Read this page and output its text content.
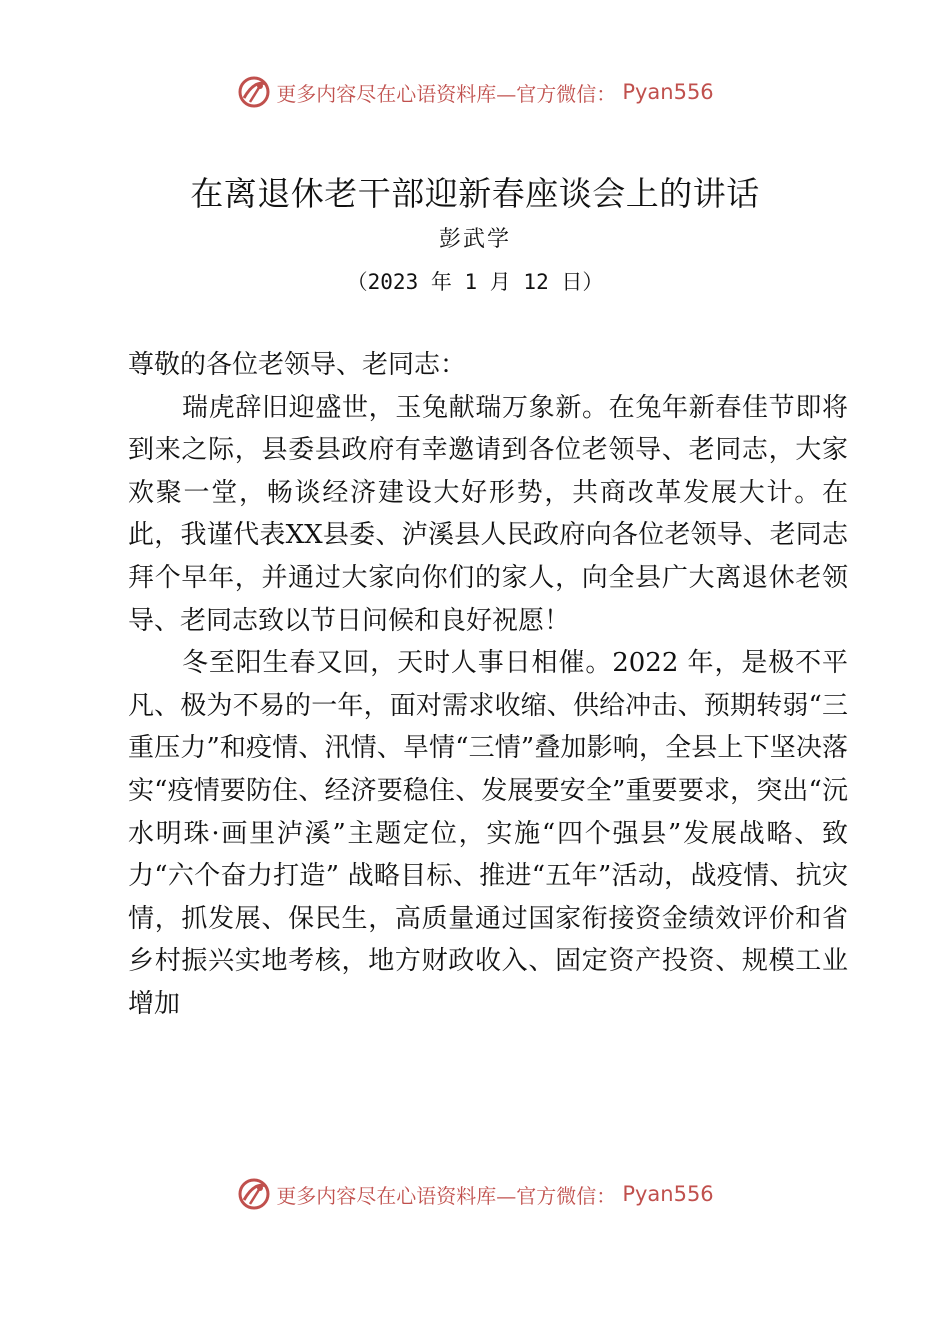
更多内容尽在心语资料库—官方微信： Pyan556
在离退休老干部迎新春座谈会上的讲话
彭武学
（2023 年 1 月 12 日）

尊敬的各位老领导、老同志：

瑞虎辞旧迎盛世，玉兔献瑞万象新。在兔年新春佳节即将到来之际，县委县政府有幸邀请到各位老领导、老同志，大家欢聚一堂，畅谈经济建设大好形势，共商改革发展大计。在此，我谨代表XX县委、泸溪县人民政府向各位老领导、老同志拜个早年，并通过大家向你们的家人，向全县广大离退休老领导、老同志致以节日问候和良好祝愿！

冬至阳生春又回，天时人事日相催。2022 年，是极不平凡、极为不易的一年，面对需求收缩、供给冲击、预期转弱“三重压力”和疫情、汛情、旱情“三情”叠加影响，全县上下坚决落实“疫情要防住、经济要稳住、发展要安全”重要要求，突出“沅水明珠·画里泸溪”主题定位，实施“四个强县”发展战略、致力“六个奋力打造” 战略目标、推进“五年”活动，战疫情、抗灾情，抓发展、保民生，高质量通过国家衔接资金绩效评价和省乡村振兴实地考核，地方财政收入、固定资产投资、规模工业增加

更多内容尽在心语资料库—官方微信： Pyan556
